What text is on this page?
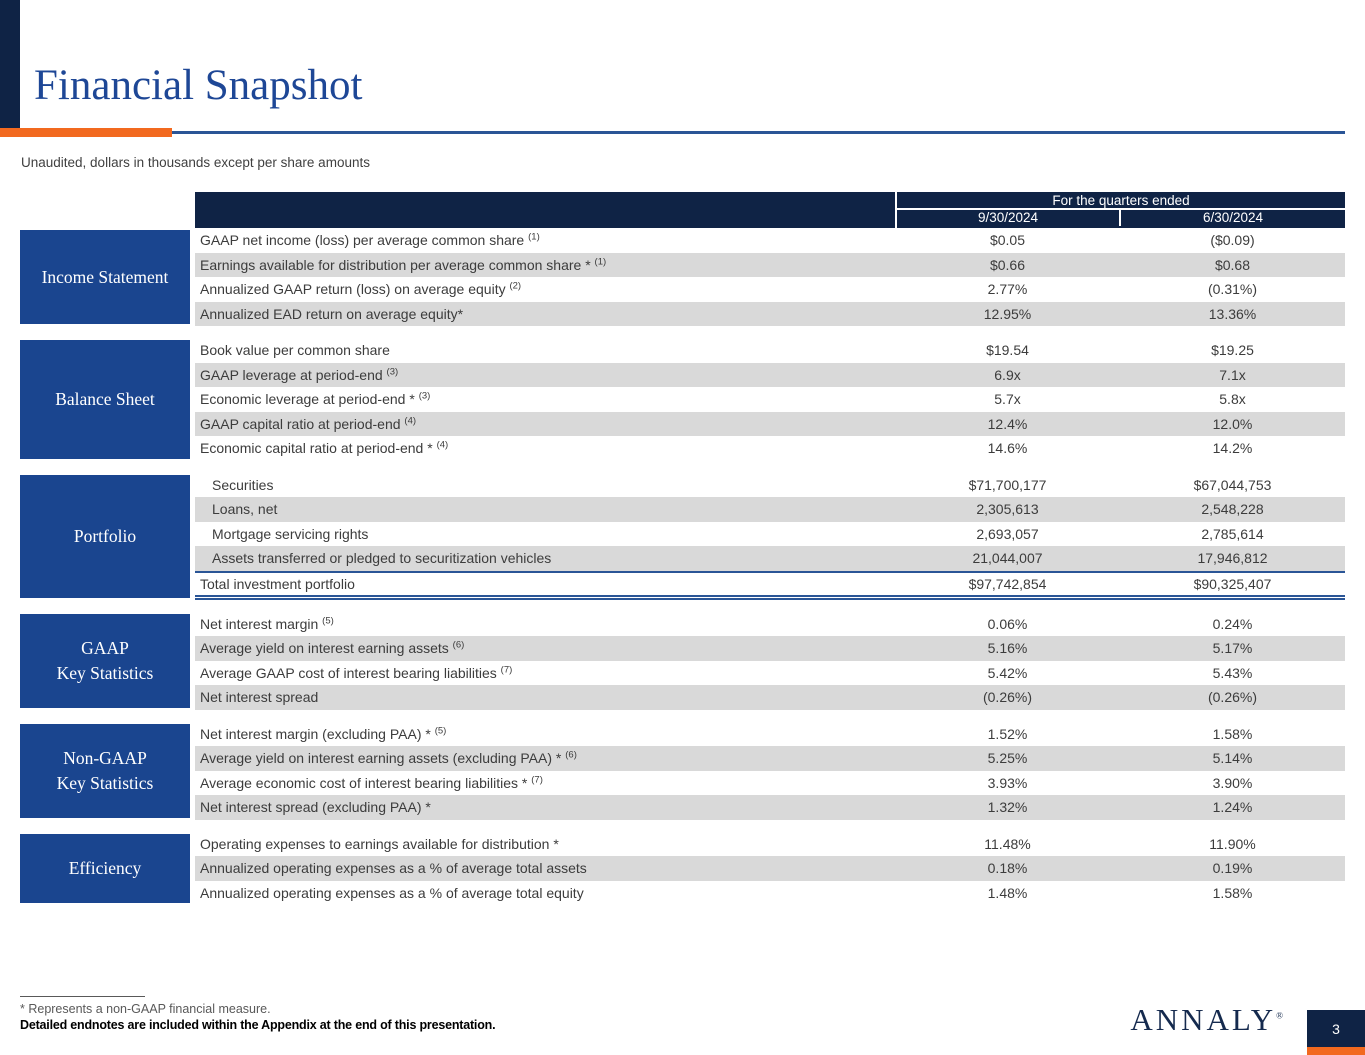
Financial Snapshot
Unaudited, dollars in thousands except per share amounts
For the quarters ended
9/30/2024	6/30/2024
Income Statement
GAAP net income (loss) per average common share $^{(1)}$	$0.05	($0.09)
Earnings available for distribution per average common share * $^{(1)}$	$0.66	$0.68
Annualized GAAP return (loss) on average equity $^{(2)}$	2.77%	(0.31%)
Annualized EAD return on average equity*	12.95%	13.36%
Balance Sheet
Book value per common share	$19.54	$19.25
GAAP leverage at period-end $^{(3)}$	6.9x	7.1x
Economic leverage at period-end * $^{(3)}$	5.7x	5.8x
GAAP capital ratio at period-end $^{(4)}$	12.4%	12.0%
Economic capital ratio at period-end * $^{(4)}$	14.6%	14.2%
Portfolio
Securities	$71,700,177	$67,044,753
Loans, net	2,305,613	2,548,228
Mortgage servicing rights	2,693,057	2,785,614
Assets transferred or pledged to securitization vehicles	21,044,007	17,946,812
Total investment portfolio	$97,742,854	$90,325,407
GAAP
Key Statistics
Net interest margin $^{(5)}$	0.06%	0.24%
Average yield on interest earning assets $^{(6)}$	5.16%	5.17%
Average GAAP cost of interest bearing liabilities $^{(7)}$	5.42%	5.43%
Net interest spread	(0.26%)	(0.26%)
Non-GAAP
Key Statistics
Net interest margin (excluding PAA) * $^{(5)}$	1.52%	1.58%
Average yield on interest earning assets (excluding PAA) * $^{(6)}$	5.25%	5.14%
Average economic cost of interest bearing liabilities * $^{(7)}$	3.93%	3.90%
Net interest spread (excluding PAA) *	1.32%	1.24%
Efficiency
Operating expenses to earnings available for distribution *	11.48%	11.90%
Annualized operating expenses as a % of average total assets	0.18%	0.19%
Annualized operating expenses as a % of average total equity	1.48%	1.58%
* Represents a non-GAAP financial measure.
Detailed endnotes are included within the Appendix at the end of this presentation.	ANNALY®
3
